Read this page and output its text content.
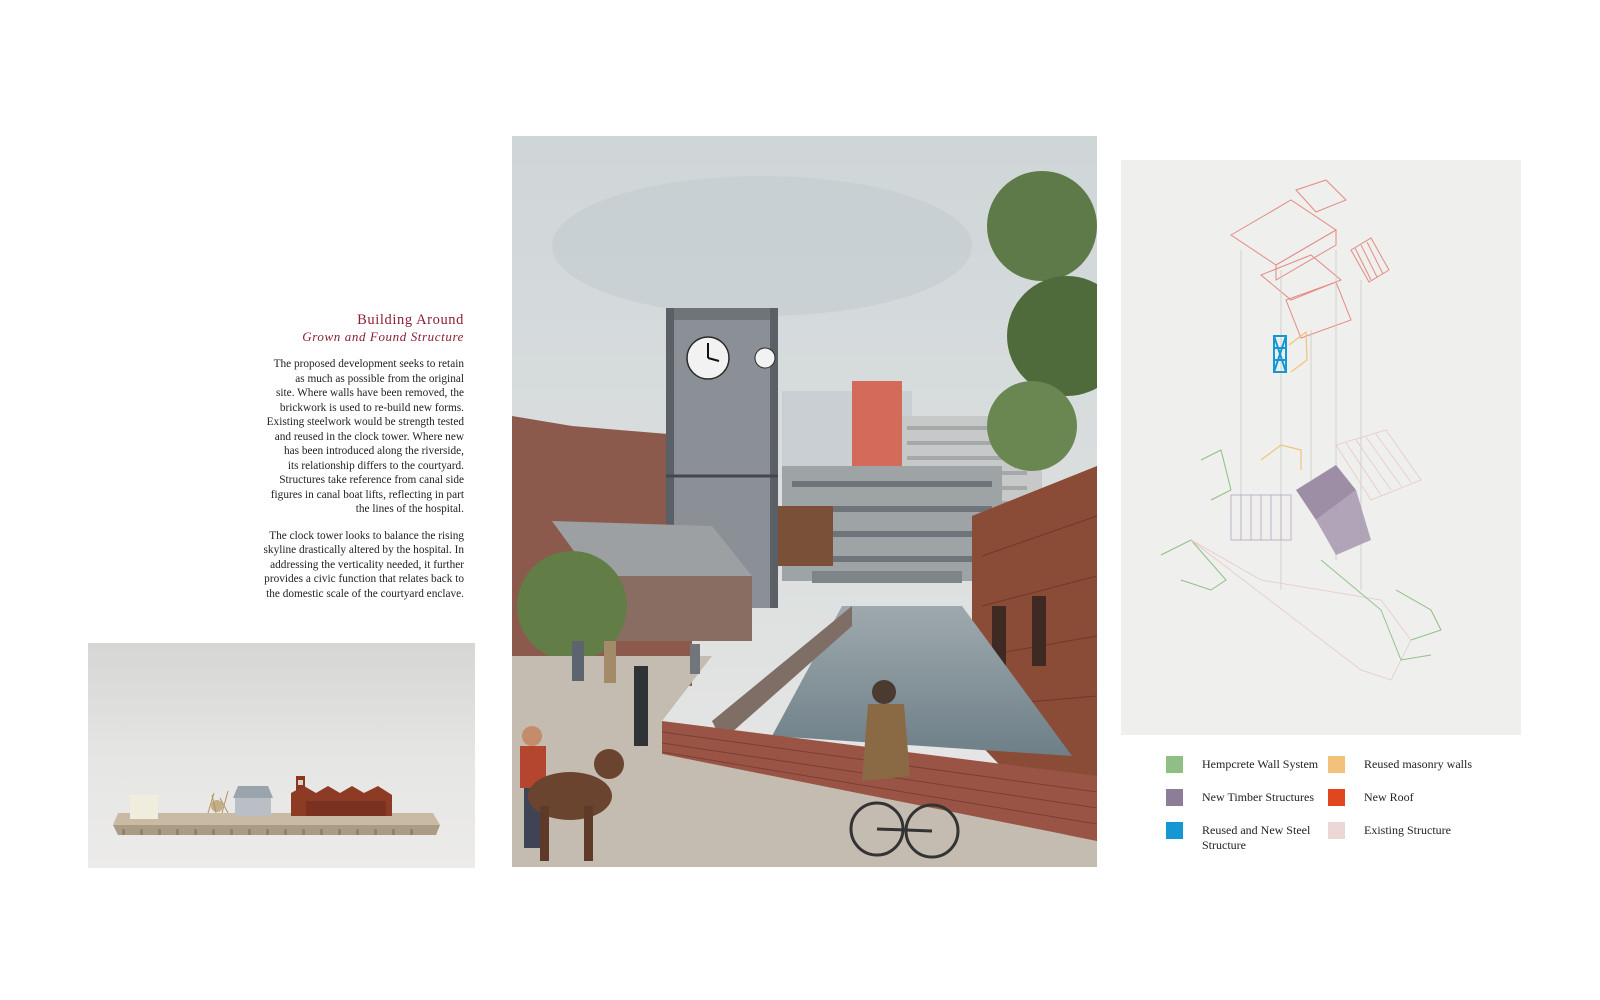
Building Around
Grown and Found Structure
The proposed development seeks to retain
as much as possible from the original
site. Where walls have been removed, the
brickwork is used to re-build new forms.
Existing steelwork would be strength tested
and reused in the clock tower. Where new
has been introduced along the riverside,
its relationship differs to the courtyard.
Structures take reference from canal side
figures in canal boat lifts, reflecting in part
the lines of the hospital.
The clock tower looks to balance the rising
skyline drastically altered by the hospital. In
addressing the verticality needed, it further
provides a civic function that relates back to
the domestic scale of the courtyard enclave.
Hempcrete Wall System	Reused masonry walls
New Timber Structures	New Roof
Reused and New Steel Structure
Existing Structure
